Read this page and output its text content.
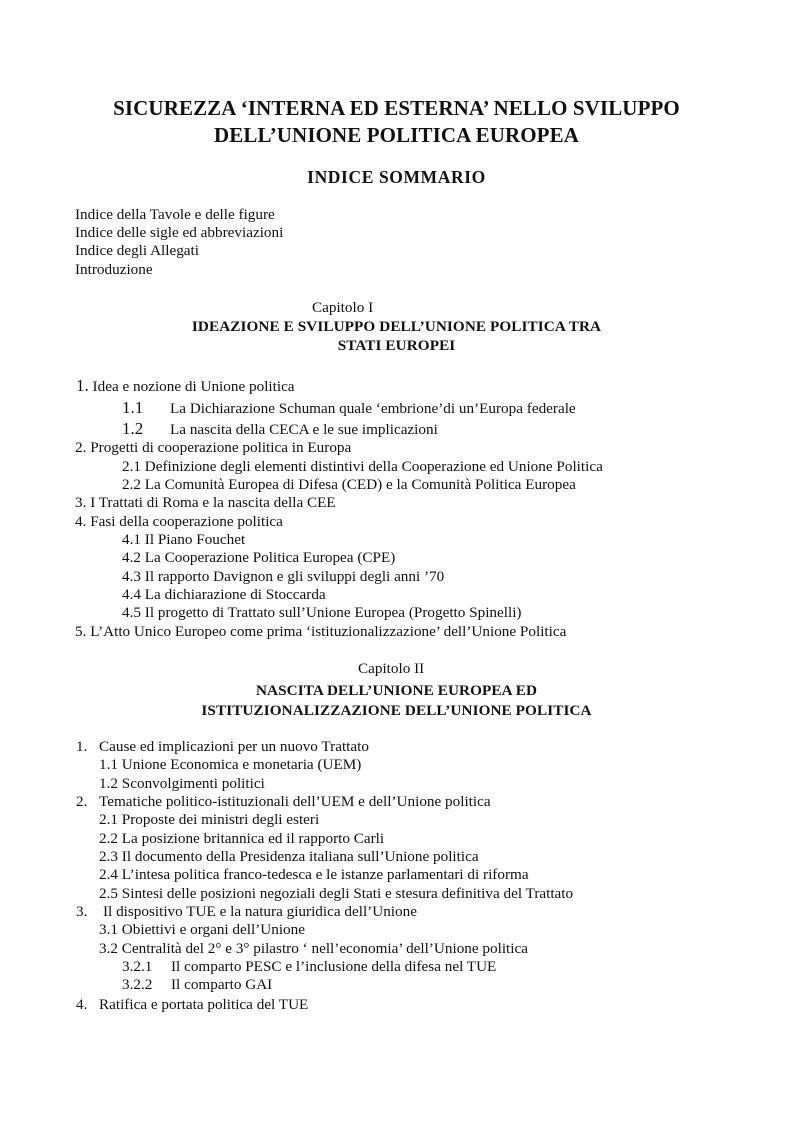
SICUREZZA ‘INTERNA ED ESTERNA’ NELLO SVILUPPO
DELL’UNIONE POLITICA EUROPEA
INDICE SOMMARIO
Indice della Tavole e delle figure
Indice delle sigle ed abbreviazioni
Indice degli Allegati
Introduzione
Capitolo I
IDEAZIONE E SVILUPPO DELL’UNIONE POLITICA TRA
STATI EUROPEI
1. Idea e nozione di Unione politica
1.1 La Dichiarazione Schuman quale ‘embrione’di un’Europa federale
1.2 La nascita della CECA e le sue implicazioni
2. Progetti di cooperazione politica in Europa
2.1 Definizione degli elementi distintivi della Cooperazione ed Unione Politica
2.2 La Comunità Europea di Difesa (CED) e la Comunità Politica Europea
3. I Trattati di Roma e la nascita della CEE
4. Fasi della cooperazione politica
4.1 Il Piano Fouchet
4.2 La Cooperazione Politica Europea (CPE)
4.3 Il rapporto Davignon e gli sviluppi degli anni ’70
4.4 La dichiarazione di Stoccarda
4.5 Il progetto di Trattato sull’Unione Europea (Progetto Spinelli)
5. L’Atto Unico Europeo come prima ‘istituzionalizzazione’ dell’Unione Politica
Capitolo II
NASCITA DELL’UNIONE EUROPEA ED
ISTITUZIONALIZZAZIONE DELL’UNIONE POLITICA
1. Cause ed implicazioni per un nuovo Trattato
1.1 Unione Economica e monetaria (UEM)
1.2 Sconvolgimenti politici
2. Tematiche politico-istituzionali dell’UEM e dell’Unione politica
2.1 Proposte dei ministri degli esteri
2.2 La posizione britannica ed il rapporto Carli
2.3 Il documento della Presidenza italiana sull’Unione politica
2.4 L’intesa politica franco-tedesca e le istanze parlamentari di riforma
2.5 Sintesi delle posizioni negoziali degli Stati e stesura definitiva del Trattato
3. Il dispositivo TUE e la natura giuridica dell’Unione
3.1 Obiettivi e organi dell’Unione
3.2 Centralità del 2° e 3° pilastro ‘ nell’economia’ dell’Unione politica
3.2.1 Il comparto PESC e l’inclusione della difesa nel TUE
3.2.2 Il comparto GAI
4. Ratifica e portata politica del TUE
